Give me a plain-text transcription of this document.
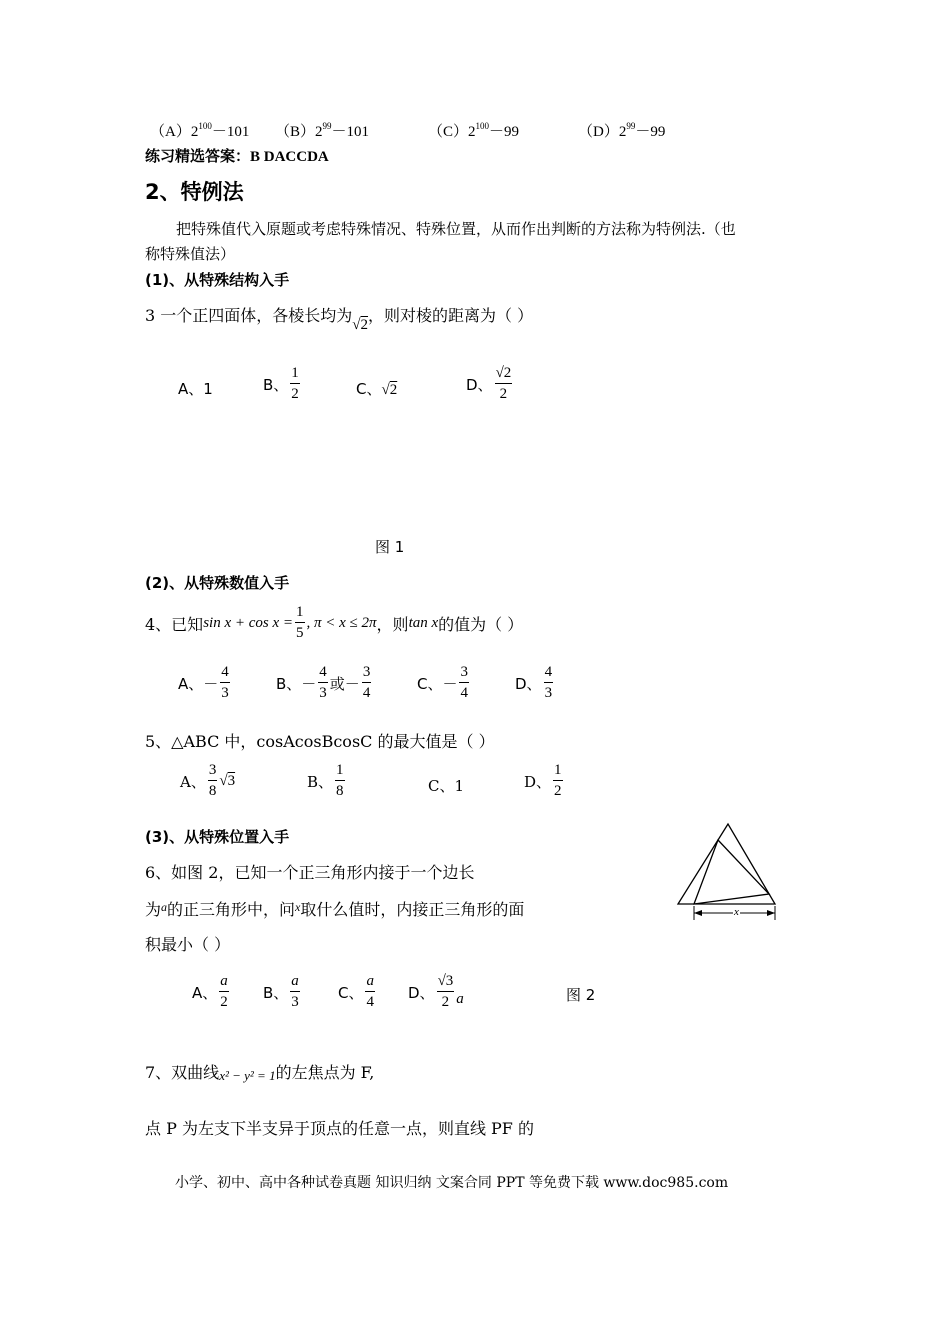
$(A)2^{100}-101$ $(B)2^{99}-101$	$(C)2^{100}-99$	$(D)2^{99}-99$
练习精选答案：B DACCDA
2、特例法
把特殊值代入原题或考虑特殊情况、特殊位置，从而作出判断的方法称为特例法.（也
称特殊值法）
(1)、从特殊结构入手
3 一个正四面体，各棱长均为√2，则对棱的距离为（ ）
A、1	B、 $\frac{1}{2}$	C、√2	D、 $\frac{√2}{2}$
图 1
(2)、从特殊数值入手
4、已知 $\sin x + \cos x = \frac{1}{5}$ , π < x ≤ 2π ，则 tan x 的值为（ ）
A、－ $\frac{4}{3}$	B、－ $\frac{4}{3}$ 或－ $\frac{3}{4}$	C、－ $\frac{3}{4}$	D、 $\frac{4}{3}$
5、△ABC 中，cosAcosBcosC 的最大值是（ ）
A、 $\frac{3}{8} √3$	B、 $\frac{1}{8}$	C、1	D、 $\frac{1}{2}$
(3)、从特殊位置入手
6、如图 2，已知一个正三角形内接于一个边长
为$^a$的正三角形中，问$^x$取什么值时，内接正三角形的面
积最小（ ）
A、 $\frac{a}{2}$ B、 $\frac{a}{3}$	C、 $\frac{a}{4}$ D、 $\frac{√3}{2}$ a
x
图 2
7、双曲线 x² − y² = 1 的左焦点为 F,
点 P 为左支下半支异于顶点的任意一点，则直线 PF 的
小学、初中、高中各种试卷真题 知识归纳 文案合同 PPT 等免费下载 www.doc985.com
